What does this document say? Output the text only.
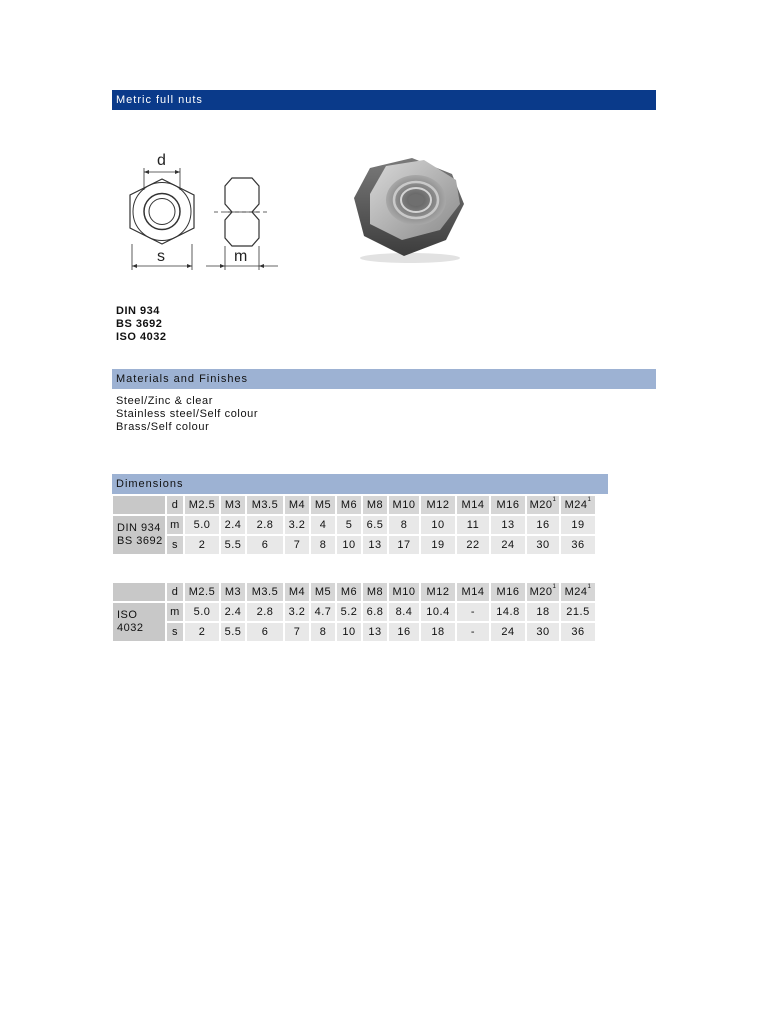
Metric full nuts
d
s	m
DIN 934
BS 3692
ISO 4032
Materials and Finishes
Steel/Zinc & clear
Stainless steel/Self colour
Brass/Self colour
Dimensions
	d	M2.5	M3	M3.5	M4	M5	M6	M8	M10	M12	M14	M16	$M20^1$	$M24^1$

DIN 934
BS 3692	m	5.0	2.4	2.8	3.2	4	5	6.5	8	10	11	13	16	19
	s	2	5.5	6	7	8	10	13	17	19	22	24	30	36
	d	M2.5	M3	M3.5	M4	M5	M6	M8	M10	M12	M14	M16	$M20^1$	$M24^1$

ISO
4032	m	5.0	2.4	2.8	3.2	4.7	5.2	6.8	8.4	10.4	-	14.8	18	21.5
	s	2	5.5	6	7	8	10	13	16	18	-	24	30	36
